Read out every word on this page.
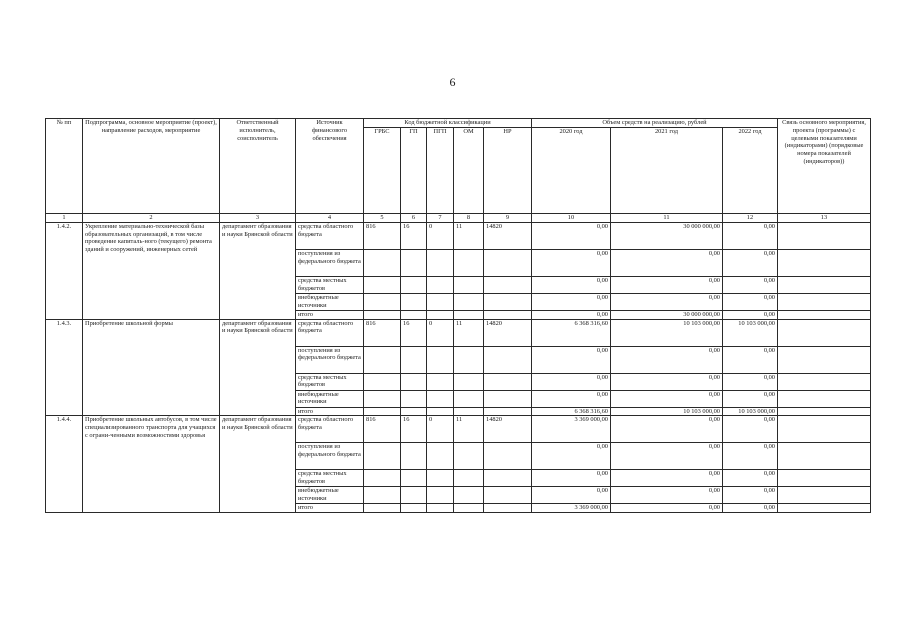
6
№ пп	Подпрограмма, основное мероприятие (проект), направление расходов, мероприятие	Ответственный исполнитель, соисполнитель	Источник финансового обеспечения	Код бюджетной классификации					Объем средств на реализацию, рублей			Связь основного мероприятия, проекта (программы) с целевыми показателями (индикаторами) (порядковые номера показателей (индикаторов))
				ГРБС	ГП	ПГП	ОМ	НР	2020 год	2021 год	2022 год	
1	2	3	4	5	6	7	8	9	10	11	12	13
1.4.2.	Укрепление материально-технической базы образовательных организаций, в том числе проведение капиталь-ного (текущего) ремонта зданий и сооружений, инженерных сетей	департамент образования и науки Брянской области	средства областного бюджета	816	16	0	11	14820	0,00	30 000 000,00	0,00	
			поступления из федерального бюджета						0,00	0,00	0,00	
			средства местных бюджетов						0,00	0,00	0,00	
			внебюджетные источники						0,00	0,00	0,00	
			итого						0,00	30 000 000,00	0,00	
1.4.3.	Приобретение школьной формы	департамент образования и науки Брянской области	средства областного бюджета	816	16	0	11	14820	6 368 316,60	10 103 000,00	10 103 000,00	
			поступления из федерального бюджета						0,00	0,00	0,00	
			средства местных бюджетов						0,00	0,00	0,00	
			внебюджетные источники						0,00	0,00	0,00	
			итого						6 368 316,60	10 103 000,00	10 103 000,00	
1.4.4.	Приобретение школьных автобусов, в том числе специализированного транспорта для учащихся с ограни-ченными возможностями здоровья	департамент образования и науки Брянской области	средства областного бюджета	816	16	0	11	14820	3 369 000,00	0,00	0,00	
			поступления из федерального бюджета						0,00	0,00	0,00	
			средства местных бюджетов						0,00	0,00	0,00	
			внебюджетные источники						0,00	0,00	0,00	
			итого						3 369 000,00	0,00	0,00	
